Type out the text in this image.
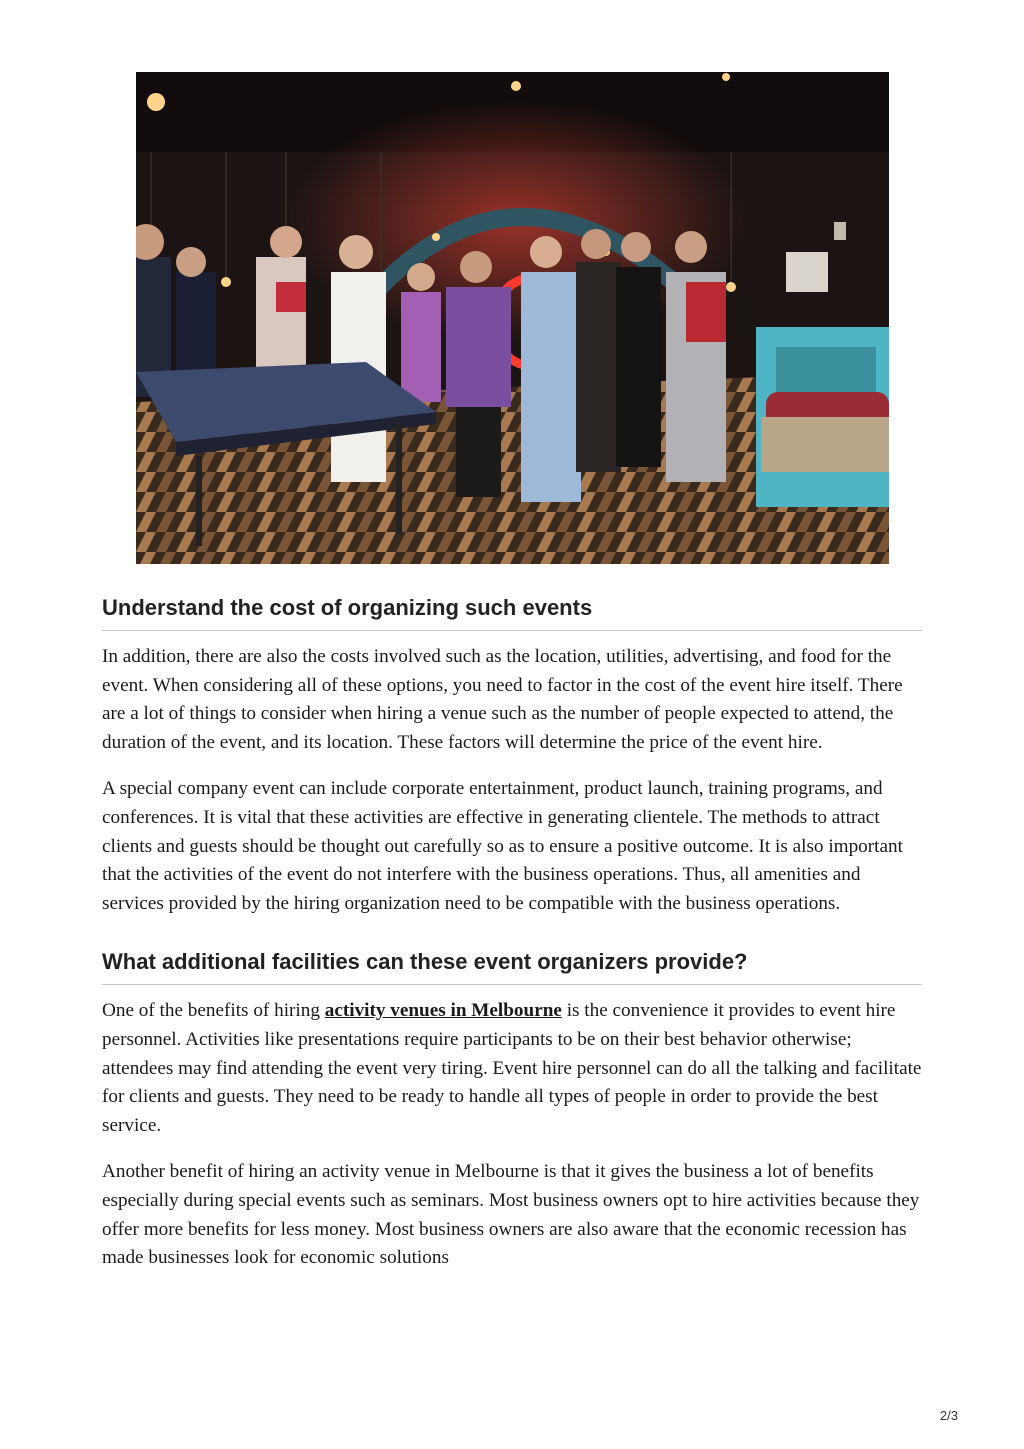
Understand the cost of organizing such events

In addition, there are also the costs involved such as the location, utilities, advertising, and food for the event. When considering all of these options, you need to factor in the cost of the event hire itself. There are a lot of things to consider when hiring a venue such as the number of people expected to attend, the duration of the event, and its location. These factors will determine the price of the event hire.

A special company event can include corporate entertainment, product launch, training programs, and conferences. It is vital that these activities are effective in generating clientele. The methods to attract clients and guests should be thought out carefully so as to ensure a positive outcome. It is also important that the activities of the event do not interfere with the business operations. Thus, all amenities and services provided by the hiring organization need to be compatible with the business operations.

What additional facilities can these event organizers provide?

One of the benefits of hiring activity venues in Melbourne is the convenience it provides to event hire personnel. Activities like presentations require participants to be on their best behavior otherwise; attendees may find attending the event very tiring. Event hire personnel can do all the talking and facilitate for clients and guests. They need to be ready to handle all types of people in order to provide the best service.

Another benefit of hiring an activity venue in Melbourne is that it gives the business a lot of benefits especially during special events such as seminars. Most business owners opt to hire activities because they offer more benefits for less money. Most business owners are also aware that the economic recession has made businesses look for economic solutions

2/3
